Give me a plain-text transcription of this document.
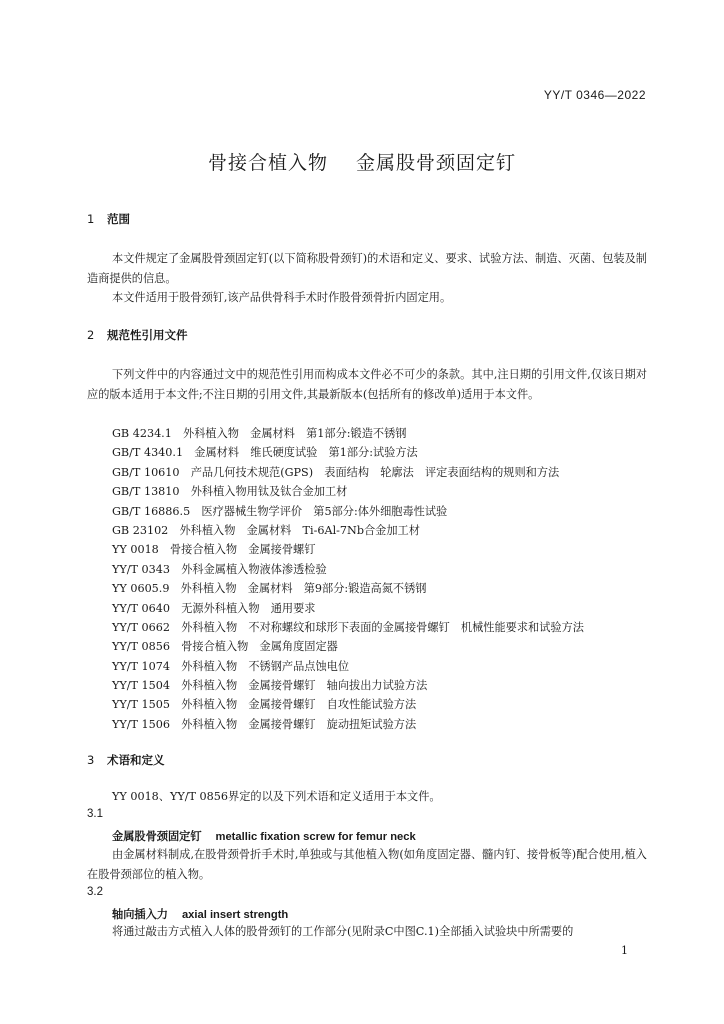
YY/T 0346—2022
骨接合植入物 金属股骨颈固定钉
1 范围
本文件规定了金属股骨颈固定钉(以下简称股骨颈钉)的术语和定义、要求、试验方法、制造、灭菌、包装及制造商提供的信息。
本文件适用于股骨颈钉,该产品供骨科手术时作股骨颈骨折内固定用。
2 规范性引用文件
下列文件中的内容通过文中的规范性引用而构成本文件必不可少的条款。其中,注日期的引用文件,仅该日期对应的版本适用于本文件;不注日期的引用文件,其最新版本(包括所有的修改单)适用于本文件。
GB 4234.1　外科植入物　金属材料　第1部分:锻造不锈钢
GB/T 4340.1　金属材料　维氏硬度试验　第1部分:试验方法
GB/T 10610　产品几何技术规范(GPS)　表面结构　轮廓法　评定表面结构的规则和方法
GB/T 13810　外科植入物用钛及钛合金加工材
GB/T 16886.5　医疗器械生物学评价　第5部分:体外细胞毒性试验
GB 23102　外科植入物　金属材料　Ti-6Al-7Nb合金加工材
YY 0018　骨接合植入物　金属接骨螺钉
YY/T 0343　外科金属植入物液体渗透检验
YY 0605.9　外科植入物　金属材料　第9部分:锻造高氮不锈钢
YY/T 0640　无源外科植入物　通用要求
YY/T 0662　外科植入物　不对称螺纹和球形下表面的金属接骨螺钉　机械性能要求和试验方法
YY/T 0856　骨接合植入物　金属角度固定器
YY/T 1074　外科植入物　不锈钢产品点蚀电位
YY/T 1504　外科植入物　金属接骨螺钉　轴向拔出力试验方法
YY/T 1505　外科植入物　金属接骨螺钉　自攻性能试验方法
YY/T 1506　外科植入物　金属接骨螺钉　旋动扭矩试验方法
3 术语和定义
YY 0018、YY/T 0856界定的以及下列术语和定义适用于本文件。
3.1
金属股骨颈固定钉 metallic fixation screw for femur neck
由金属材料制成,在股骨颈骨折手术时,单独或与其他植入物(如角度固定器、髓内钉、接骨板等)配合使用,植入在股骨颈部位的植入物。
3.2
轴向插入力 axial insert strength
将通过敲击方式植入人体的股骨颈钉的工作部分(见附录C中图C.1)全部插入试验块中所需要的
1
